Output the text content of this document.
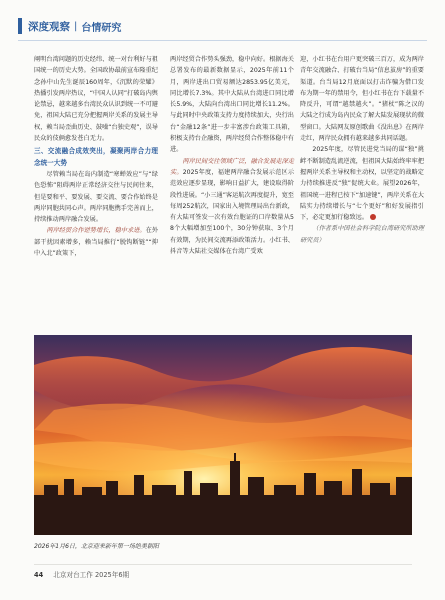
深度观察 | 台情研究

阐明台湾问题的历史经纬、统一对台利好与祖国统一的历史大势。全国政协最前宣布隆重纪念孙中山先生诞辰160周年，《沉默的荣耀》热播引发两岸热议，“中国人认同”打破岛内舆论禁忌，越来越多台湾民众认识到统一不可避免，祖国大陆已充分把握两岸关系的发展主导权，赖当局歪曲历史、鼓噪“台独史观”，误导民众的伎俩愈发苍白无力。

三、交流融合成效突出，凝聚两岸合力理念统一大势

尽管赖当局在岛内制造“寒蝉效应”与“绿色恐怖”阻碍两岸正常经济交往与民间往来，但是要和平、要发展、要交流、要合作始终是两岸同胞共同心声。两岸同胞携手完善而上，持续推动两岸融合发展。

两岸经贸合作逆势增长，稳中求进。在外部干扰因素增多，赖当局推行“脱钩断链”“抑中入北”政策下，

两岸经贸合作势头强劲，稳中向好。根据海关总署发布的最新数据显示，2025年前11个月，两岸进出口贸易额达2853.95亿美元，同比增长7.3%。其中大陆从台湾进口同比增长5.9%，大陆向台湾出口同比增长11.2%。与此同时中央政策支持力度持续加大，央行出台“金融12条”进一步丰富涉台政策工具箱，积极支持台企融资，两岸经贸合作整体稳中有进。

两岸民间交往领域广泛，融合发展走深走实。2025年度，福建两岸融合发展示范区示范效应逐步显现，影响日益扩大，建设取得阶段性进展。“小三通”客运航次再度提升，宽至每周252航次，国家出入境管理局出台新政，有大陆可签发一次有效台胞证的口岸数量从58个大幅增加至100个，30分钟获取、3个月有效期，为民间交流再添政策活力。小红书、抖音等大陆社交媒体在台湾广受欢

迎，小红书在台用户更突破三百万，成为两岸青年交流融合、打破台当局“信息茧房”的重要渠道。台当局12月底面以打击诈骗为借口发布为期一年的禁用令，但小红书在台下载量不降反升，可谓“越禁越火”。“猪杖”陈之汉的大陆之行成为岛内民众了解大陆发展现状的微型窗口。大陆网友原创歌曲《没出息》在两岸走红，两岸民众拥有越来越多共同话题。

2025年度，尽管民进党当局的谋“独”挑衅不断制造乱流逆流，但祖国大陆始终牢牢把握两岸关系主导权和主动权，以坚定的战略定力持续推进反“独”促统大业。展望2026年，祖国统一进程已按下“加速键”，两岸关系在大陆实力持续增长与“七个更好”和好发展指引下，必定更加行稳致远。

（作者系中国社会科学院台湾研究所助理研究员）

2026年1月6日，北京迎来新年第一场绝美朝阳
44 北京对台工作 2025年6期
